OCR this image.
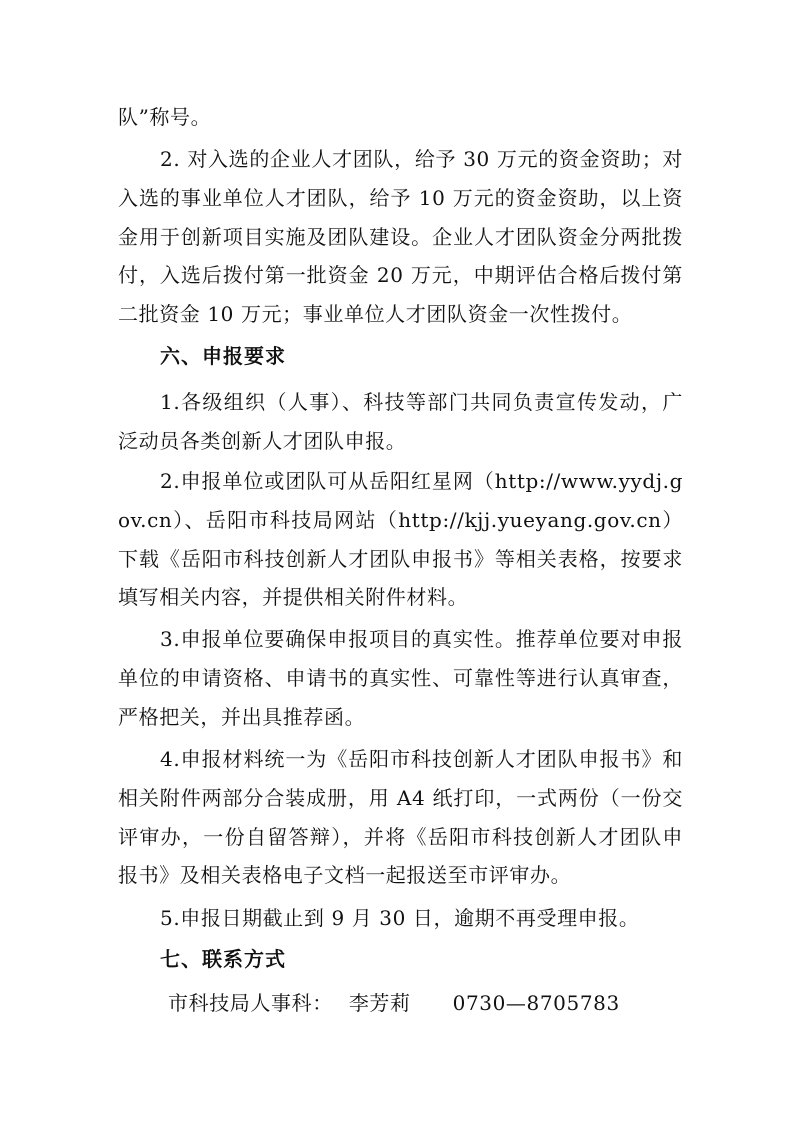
队”称号。

2. 对入选的企业人才团队，给予 30 万元的资金资助；对入选的事业单位人才团队，给予 10 万元的资金资助，以上资金用于创新项目实施及团队建设。企业人才团队资金分两批拨付，入选后拨付第一批资金 20 万元，中期评估合格后拨付第二批资金 10 万元；事业单位人才团队资金一次性拨付。

六、申报要求

1.各级组织（人事）、科技等部门共同负责宣传发动，广泛动员各类创新人才团队申报。

2.申报单位或团队可从岳阳红星网（http://www.yydj.gov.cn）、岳阳市科技局网站（http://kjj.yueyang.gov.cn）下载《岳阳市科技创新人才团队申报书》等相关表格，按要求填写相关内容，并提供相关附件材料。

3.申报单位要确保申报项目的真实性。推荐单位要对申报单位的申请资格、申请书的真实性、可靠性等进行认真审查，严格把关，并出具推荐函。

4.申报材料统一为《岳阳市科技创新人才团队申报书》和相关附件两部分合装成册，用 A4 纸打印，一式两份（一份交评审办，一份自留答辩），并将《岳阳市科技创新人才团队申报书》及相关表格电子文档一起报送至市评审办。

5.申报日期截止到 9 月 30 日，逾期不再受理申报。

七、联系方式
市科技局人事科： 李芳莉 0730—8705783
